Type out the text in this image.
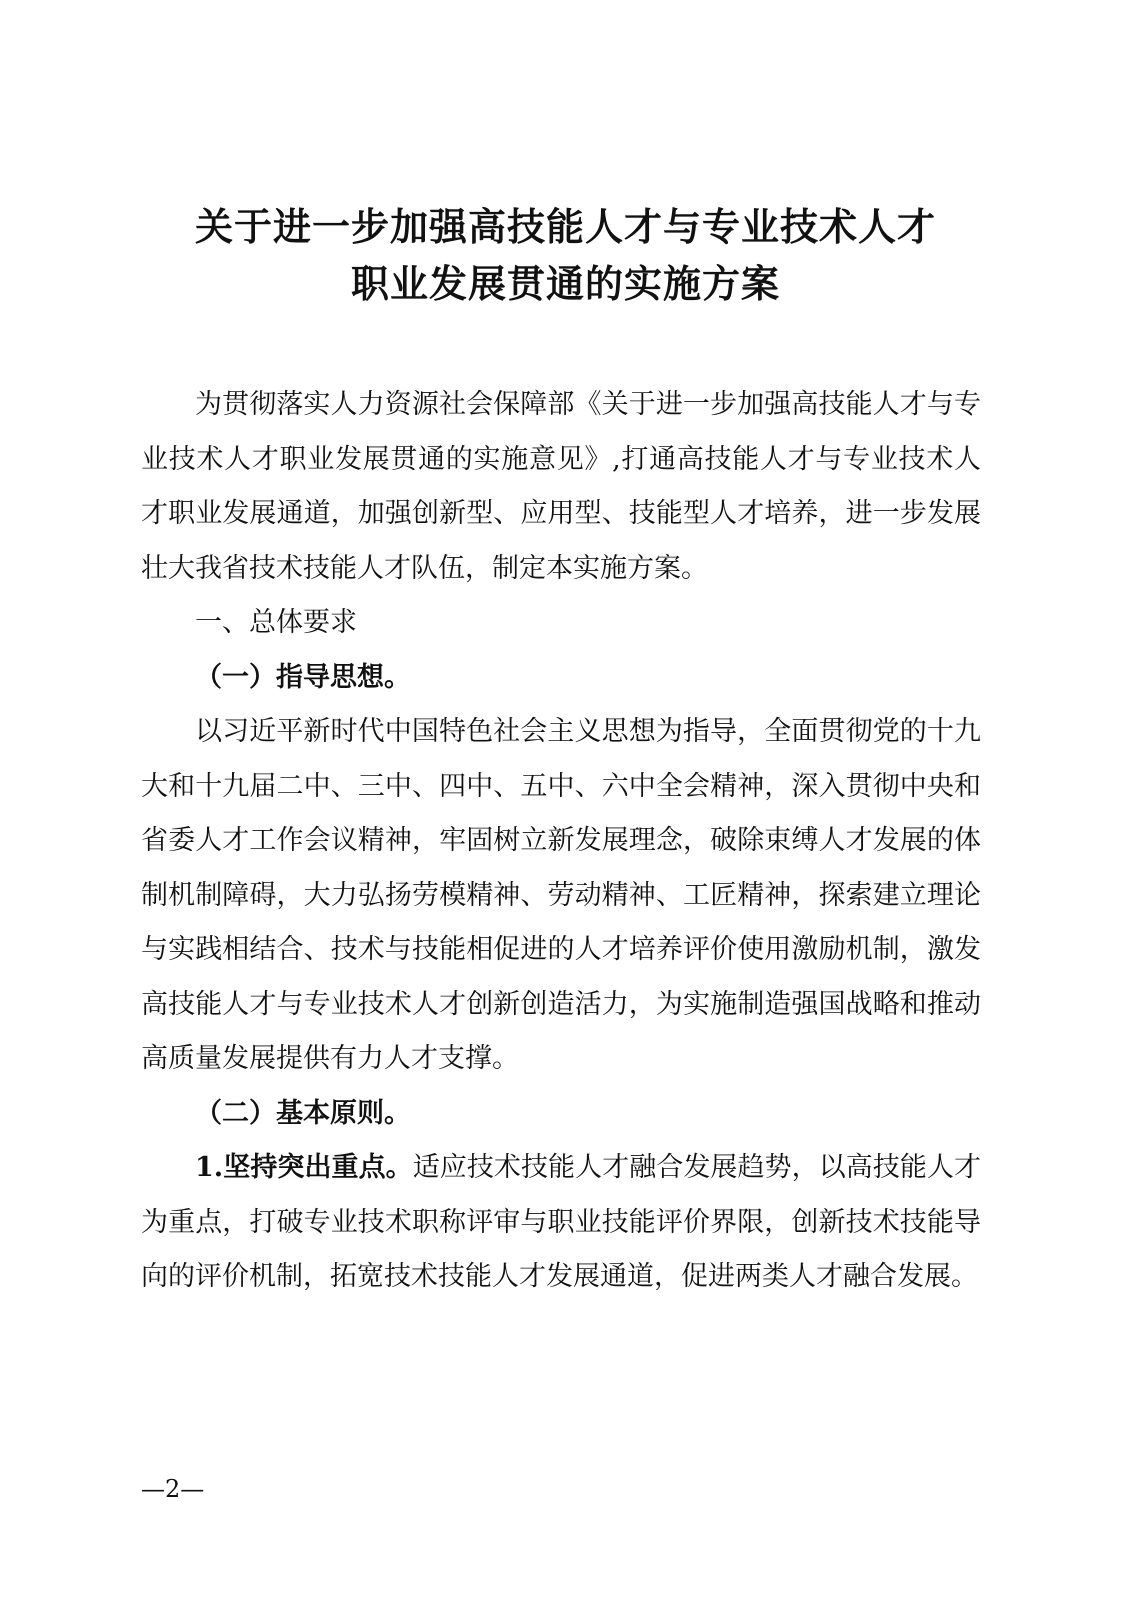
关于进一步加强高技能人才与专业技术人才
职业发展贯通的实施方案

为贯彻落实人力资源社会保障部《关于进一步加强高技能人才与专业技术人才职业发展贯通的实施意见》,打通高技能人才与专业技术人才职业发展通道，加强创新型、应用型、技能型人才培养，进一步发展壮大我省技术技能人才队伍，制定本实施方案。

一、总体要求

（一）指导思想。

以习近平新时代中国特色社会主义思想为指导，全面贯彻党的十九大和十九届二中、三中、四中、五中、六中全会精神，深入贯彻中央和省委人才工作会议精神，牢固树立新发展理念，破除束缚人才发展的体制机制障碍，大力弘扬劳模精神、劳动精神、工匠精神，探索建立理论与实践相结合、技术与技能相促进的人才培养评价使用激励机制，激发高技能人才与专业技术人才创新创造活力，为实施制造强国战略和推动高质量发展提供有力人才支撑。

（二）基本原则。

1.坚持突出重点。适应技术技能人才融合发展趋势，以高技能人才为重点，打破专业技术职称评审与职业技能评价界限，创新技术技能导向的评价机制，拓宽技术技能人才发展通道，促进两类人才融合发展。

—2—
